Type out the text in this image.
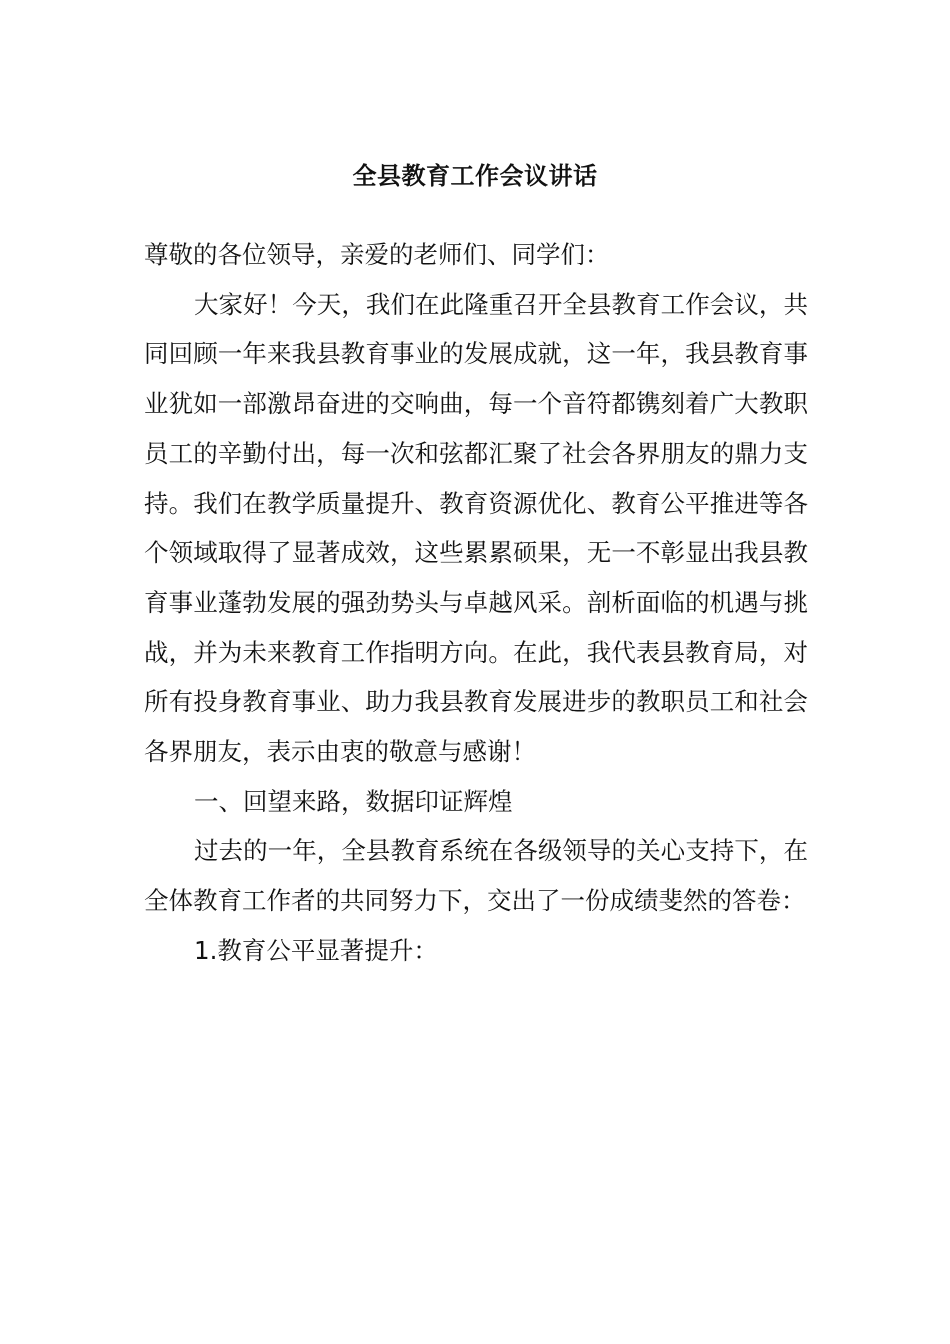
全县教育工作会议讲话

尊敬的各位领导，亲爱的老师们、同学们：

大家好！今天，我们在此隆重召开全县教育工作会议，共同回顾一年来我县教育事业的发展成就，这一年，我县教育事业犹如一部激昂奋进的交响曲，每一个音符都镌刻着广大教职员工的辛勤付出，每一次和弦都汇聚了社会各界朋友的鼎力支持。我们在教学质量提升、教育资源优化、教育公平推进等各个领域取得了显著成效，这些累累硕果，无一不彰显出我县教育事业蓬勃发展的强劲势头与卓越风采。剖析面临的机遇与挑战，并为未来教育工作指明方向。在此，我代表县教育局，对所有投身教育事业、助力我县教育发展进步的教职员工和社会各界朋友，表示由衷的敬意与感谢！

一、回望来路，数据印证辉煌

过去的一年，全县教育系统在各级领导的关心支持下，在全体教育工作者的共同努力下，交出了一份成绩斐然的答卷：

1.教育公平显著提升：
